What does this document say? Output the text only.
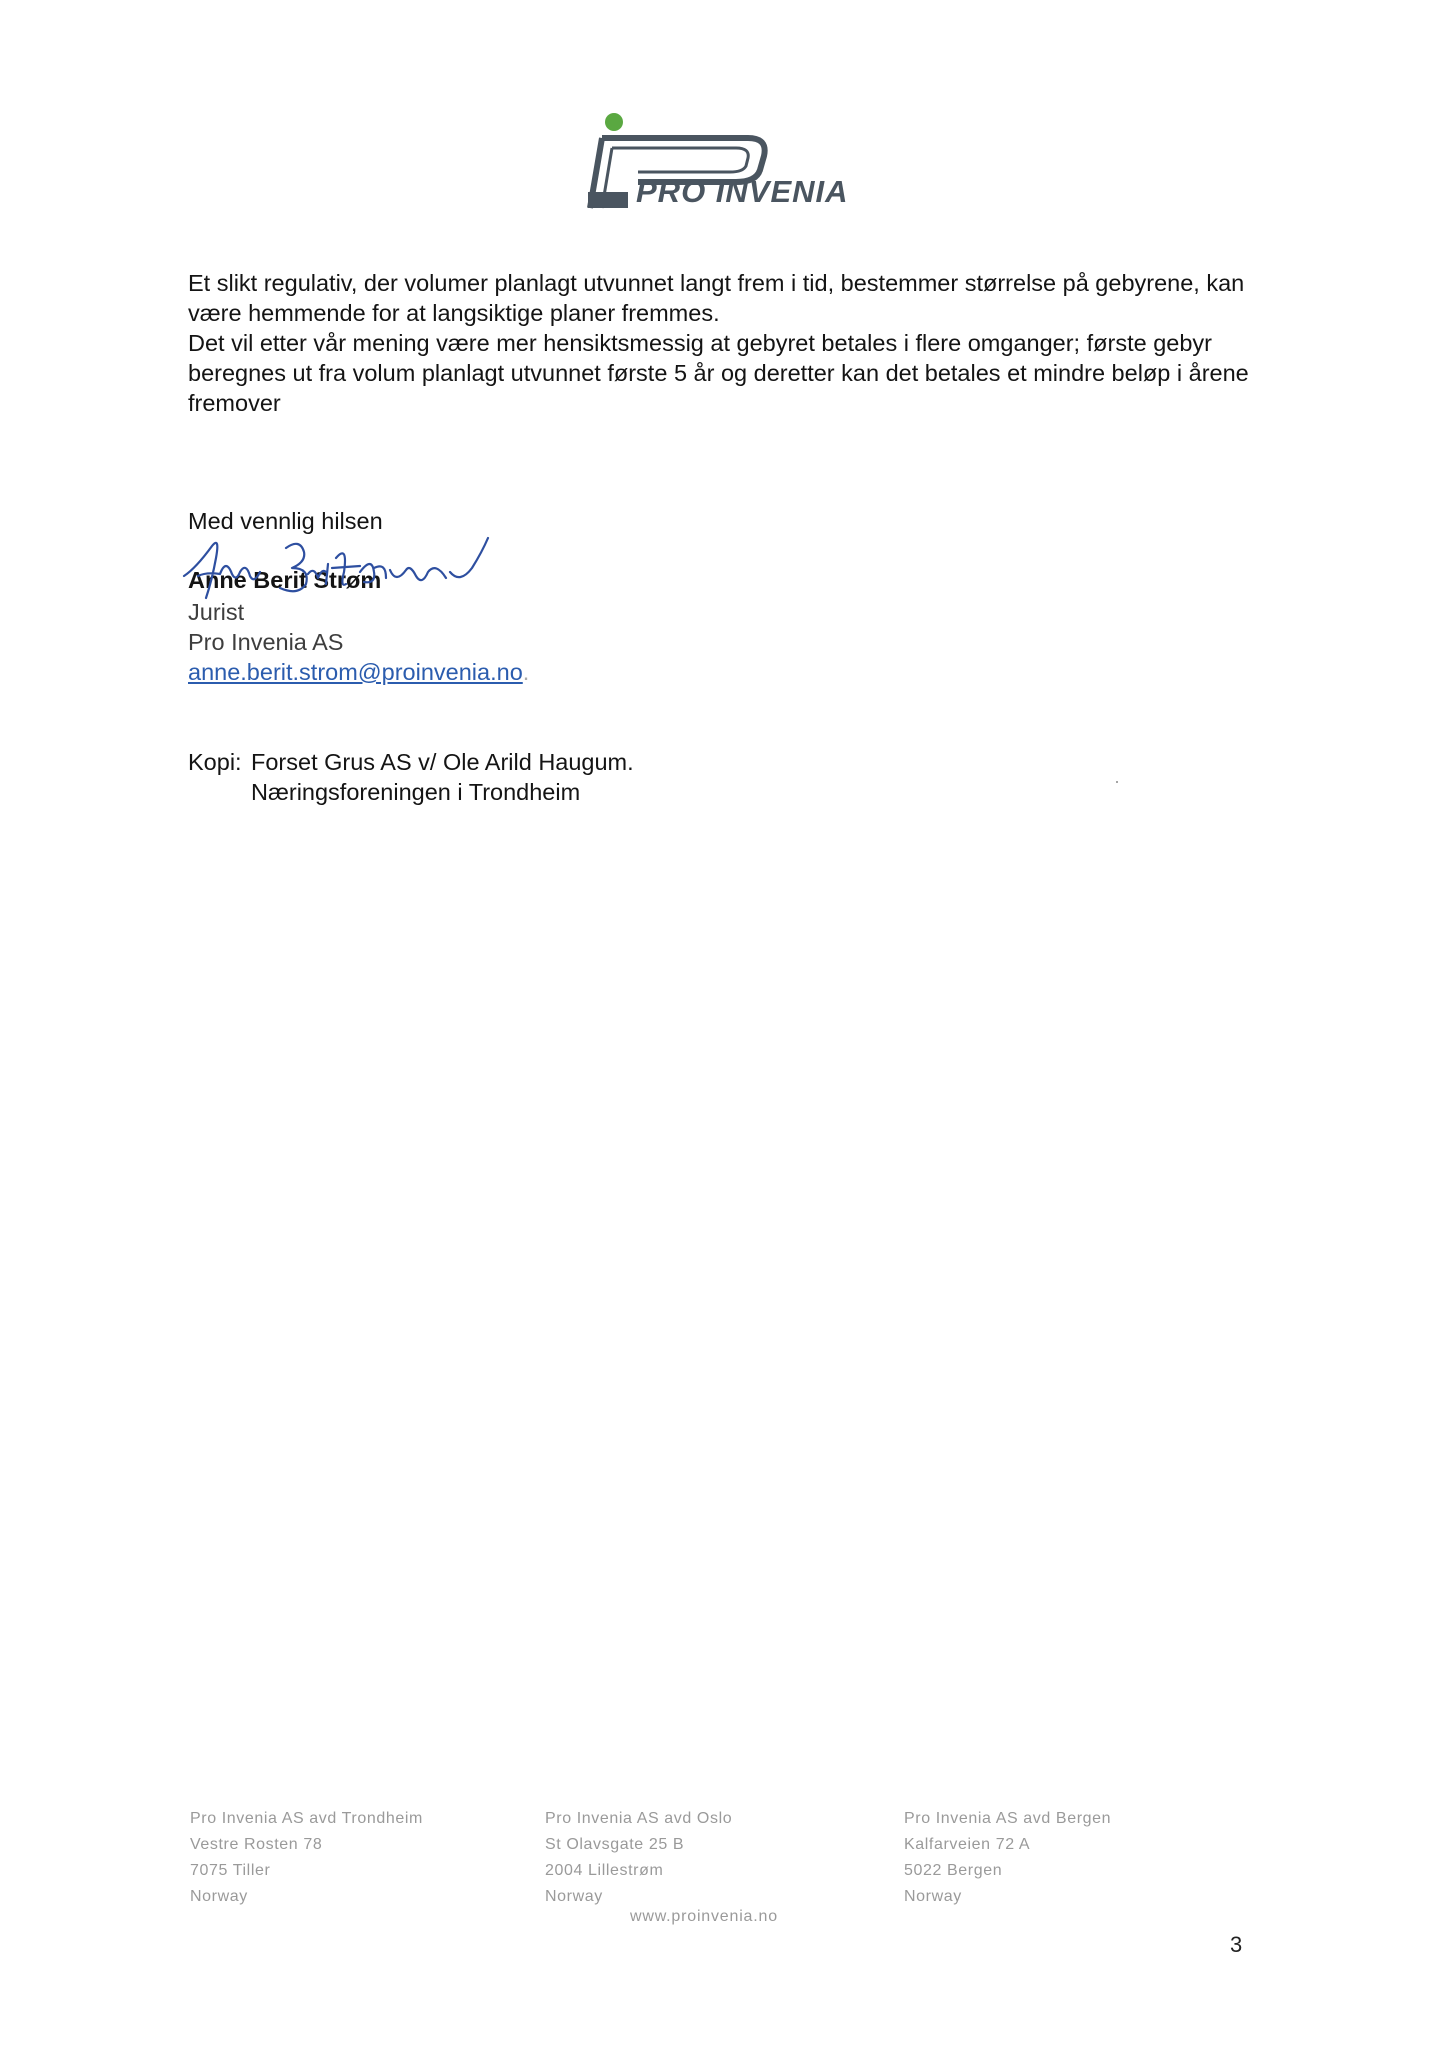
PRO INVENIA

Et slikt regulativ, der volumer planlagt utvunnet langt frem i tid, bestemmer størrelse på gebyrene, kan være hemmende for at langsiktige planer fremmes.

Det vil etter vår mening være mer hensiktsmessig at gebyret betales i flere omganger; første gebyr beregnes ut fra volum planlagt utvunnet første 5 år og deretter kan det betales et mindre beløp i årene fremover

Med vennlig hilsen
Anne Berit Strøm
Jurist
Pro Invenia AS
anne.berit.strom@proinvenia.no.
Kopi: Forset Grus AS v/ Ole Arild Haugum.
Næringsforeningen i Trondheim
Pro Invenia AS avd Trondheim
Vestre Rosten 78
7075 Tiller
Norway
Pro Invenia AS avd Oslo
St Olavsgate 25 B
2004 Lillestrøm
Norway
Pro Invenia AS avd Bergen
Kalfarveien 72 A
5022 Bergen
Norway
www.proinvenia.no
3
